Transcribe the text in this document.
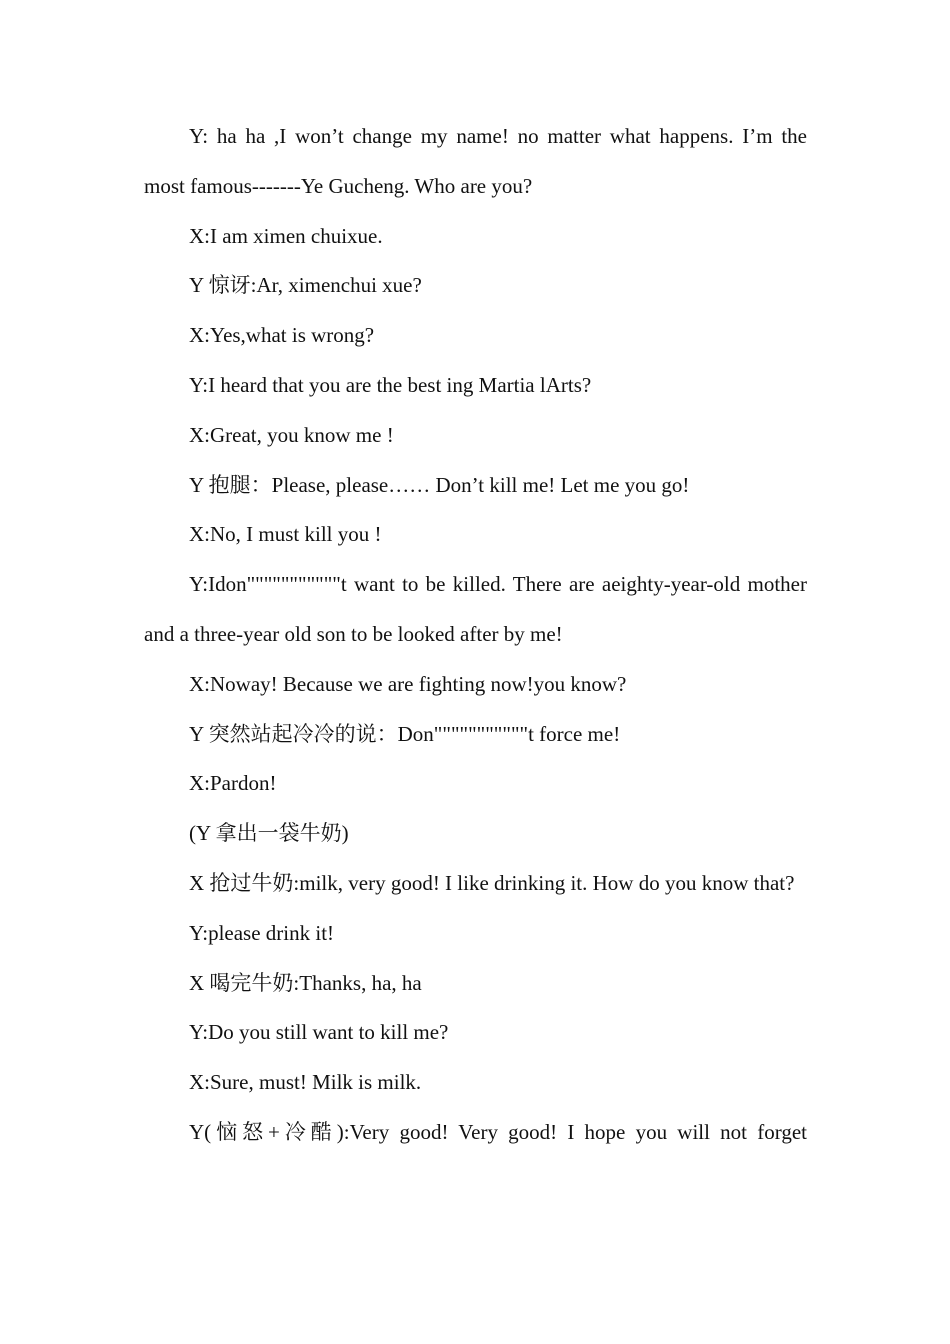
Y: ha ha ,I won’t change my name! no matter what happens. I’m the most famous-------Ye Gucheng. Who are you?

X:I am ximen chuixue.

Y 惊讶:Ar, ximenchui xue?

X:Yes,what is wrong?

Y:I heard that you are the best ing Martia lArts?

X:Great, you know me !

Y 抱腿：Please, please…… Don’t kill me! Let me you go!

X:No, I must kill you !

Y:Idon"""""""""""t want to be killed. There are aeighty-year-old mother and a three-year old son to be looked after by me!

X:Noway! Because we are fighting now!you know?

Y 突然站起冷冷的说：Don"""""""""""t force me!

X:Pardon!

(Y 拿出一袋牛奶)

X 抢过牛奶:milk, very good! I like drinking it. How do you know that?

Y:please drink it!

X 喝完牛奶:Thanks, ha, ha

Y:Do you still want to kill me?

X:Sure, must! Milk is milk.

Y(恼怒+冷酷):Very good! Very good! I hope you will not forget
